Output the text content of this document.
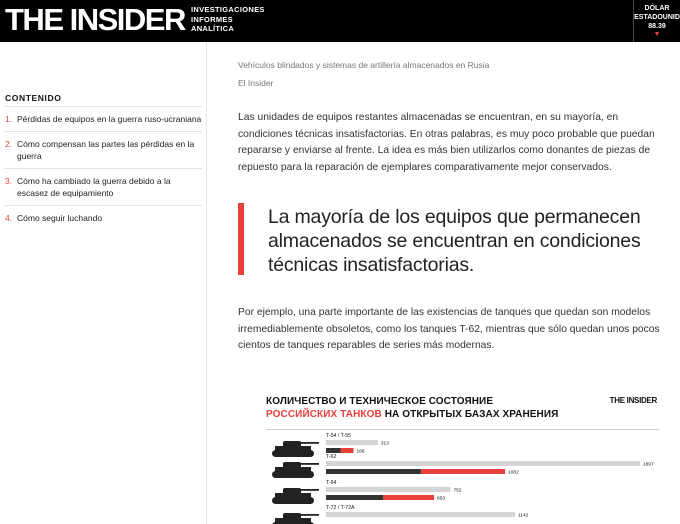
THE INSIDER INVESTIGACIONES
INFORMES
ANALÍTICA
DÓLAR
ESTADOUNID
88.39
▼
CONTENIDO
1. Pérdidas de equipos en la guerra ruso-ucraniana
2. Cómo compensan las partes las pérdidas en la guerra
3. Cómo ha cambiado la guerra debido a la escasez de equipamiento
4. Cómo seguir luchando
Vehículos blindados y sistemas de artillería almacenados en Rusia
El Insider

Las unidades de equipos restantes almacenadas se encuentran, en su mayoría, en condiciones técnicas insatisfactorias. En otras palabras, es muy poco probable que puedan repararse y enviarse al frente. La idea es más bien utilizarlos como donantes de piezas de repuesto para la reparación de ejemplares comparativamente mejor conservados.

La mayoría de los equipos que permanecen almacenados se encuentran en condiciones técnicas insatisfactorias.

Por ejemplo, una parte importante de las existencias de tanques que quedan son modelos irremediablemente obsoletos, como los tanques T-62, mientras que sólo quedan unos pocos cientos de tanques reparables de series más modernas.

КОЛИЧЕСТВО И ТЕХНИЧЕСКОЕ СОСТОЯНИЕ
РОССИЙСКИХ ТАНКОВ НА ОТКРЫТЫХ БАЗАХ ХРАНЕНИЯ
THE INSIDER
T-54 / T-55
313
166
T-62
1897
1082
T-64
752
653
T-72 / T-72A
1142
